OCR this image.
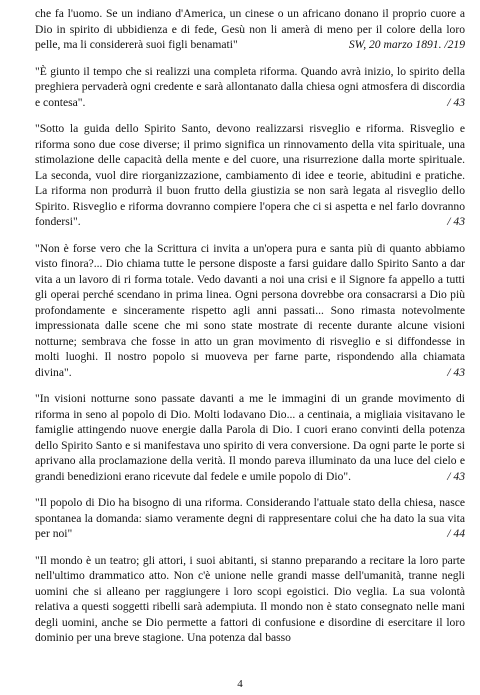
che fa l'uomo. Se un indiano d'America, un cinese o un africano donano il proprio cuore a Dio in spirito di ubbidienza e di fede, Gesù non li amerà di meno per il colore della loro pelle, ma li considererà suoi figli benamati"	SW, 20 marzo 1891. /219

"È giunto il tempo che si realizzi una completa riforma. Quando avrà inizio, lo spirito della preghiera pervaderà ogni credente e sarà allontanato dalla chiesa ogni atmosfera di discordia e contesa".	/ 43

"Sotto la guida dello Spirito Santo, devono realizzarsi risveglio e riforma. Risveglio e riforma sono due cose diverse; il primo significa un rinnovamento della vita spirituale, una stimolazione delle capacità della mente e del cuore, una risurrezione dalla morte spirituale. La seconda, vuol dire riorganizzazione, cambiamento di idee e teorie, abitudini e pratiche. La riforma non produrrà il buon frutto della giustizia se non sarà legata al risveglio dello Spirito. Risveglio e riforma dovranno compiere l'opera che ci si aspetta e nel farlo dovranno fondersi".	/ 43

"Non è forse vero che la Scrittura ci invita a un'opera pura e santa più di quanto abbiamo visto finora?... Dio chiama tutte le persone disposte a farsi guidare dallo Spirito Santo a dar vita a un lavoro di ri forma totale. Vedo davanti a noi una crisi e il Signore fa appello a tutti gli operai perché scendano in prima linea. Ogni persona dovrebbe ora consacrarsi a Dio più profondamente e sinceramente rispetto agli anni passati... Sono rimasta notevolmente impressionata dalle scene che mi sono state mostrate di recente durante alcune visioni notturne; sembrava che fosse in atto un gran movimento di risveglio e si diffondesse in molti luoghi. Il nostro popolo si muoveva per farne parte, rispondendo alla chiamata divina".	/ 43

"In visioni notturne sono passate davanti a me le immagini di un grande movimento di riforma in seno al popolo di Dio. Molti lodavano Dio... a centinaia, a migliaia visitavano le famiglie attingendo nuove energie dalla Parola di Dio. I cuori erano convinti della potenza dello Spirito Santo e si manifestava uno spirito di vera conversione. Da ogni parte le porte si aprivano alla proclamazione della verità. Il mondo pareva illuminato da una luce del cielo e grandi benedizioni erano ricevute dal fedele e umile popolo di Dio".	/ 43

"Il popolo di Dio ha bisogno di una riforma. Considerando l'attuale stato della chiesa, nasce spontanea la domanda: siamo veramente degni di rappresentare colui che ha dato la sua vita per noi"	/ 44

"Il mondo è un teatro; gli attori, i suoi abitanti, si stanno preparando a recitare la loro parte nell'ultimo drammatico atto. Non c'è unione nelle grandi masse dell'umanità, tranne negli uomini che si alleano per raggiungere i loro scopi egoistici. Dio veglia. La sua volontà relativa a questi soggetti ribelli sarà adempiuta. Il mondo non è stato consegnato nelle mani degli uomini, anche se Dio permette a fattori di confusione e disordine di esercitare il loro dominio per una breve stagione. Una potenza dal basso

4
